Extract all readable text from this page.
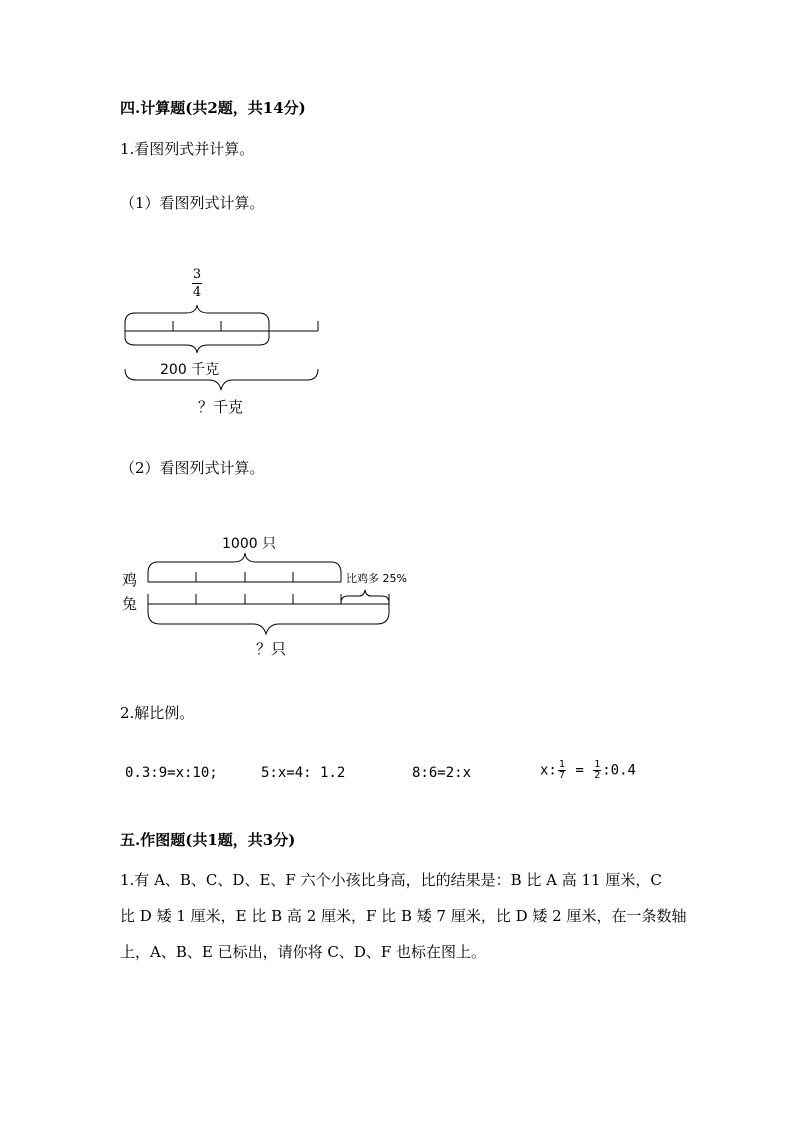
四.计算题(共2题，共14分)
1.看图列式并计算。
（1）看图列式计算。
3
4
200 千克
？千克
（2）看图列式计算。
1000 只
鸡
兔
比鸡多 25%
？只
2.解比例。
0.3:9=x:10;	5:x=4: 1.2	8:6=2:x	x: $\frac{1}{7} = \frac{1}{2}$ :0.4
五.作图题(共1题，共3分)
1.有 A、B、C、D、E、F 六个小孩比身高，比的结果是：B 比 A 高 11 厘米，C
比 D 矮 1 厘米，E 比 B 高 2 厘米，F 比 B 矮 7 厘米，比 D 矮 2 厘米，在一条数轴
上，A、B、E 已标出，请你将 C、D、F 也标在图上。
